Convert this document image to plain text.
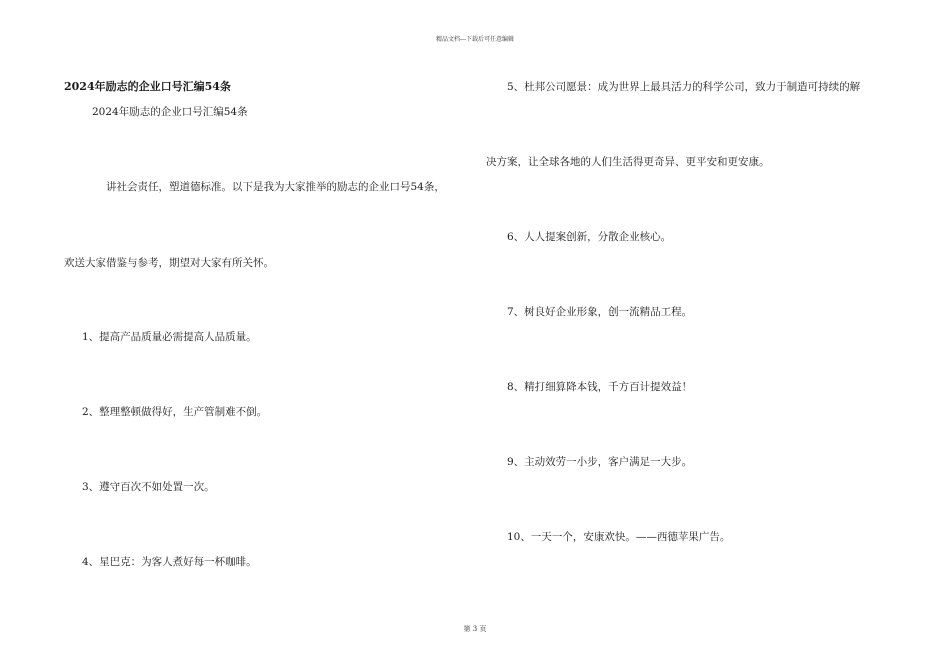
精品文档---下载后可任意编辑
2024年励志的企业口号汇编54条
2024年励志的企业口号汇编54条
讲社会责任，塑道德标准。以下是我为大家推举的励志的企业口号54条，
欢送大家借鉴与参考，期望对大家有所关怀。
1、提高产品质量必需提高人品质量。
2、整理整顿做得好，生产管制难不倒。
3、遵守百次不如处置一次。
4、星巴克：为客人煮好每一杯咖啡。
5、杜邦公司愿景：成为世界上最具活力的科学公司，致力于制造可持续的解
决方案，让全球各地的人们生活得更奇异、更平安和更安康。
6、人人提案创新，分散企业核心。
7、树良好企业形象，创一流精品工程。
8、精打细算降本钱，千方百计提效益！
9、主动效劳一小步，客户满足一大步。
10、一天一个，安康欢快。——西德苹果广告。
第 3 页
